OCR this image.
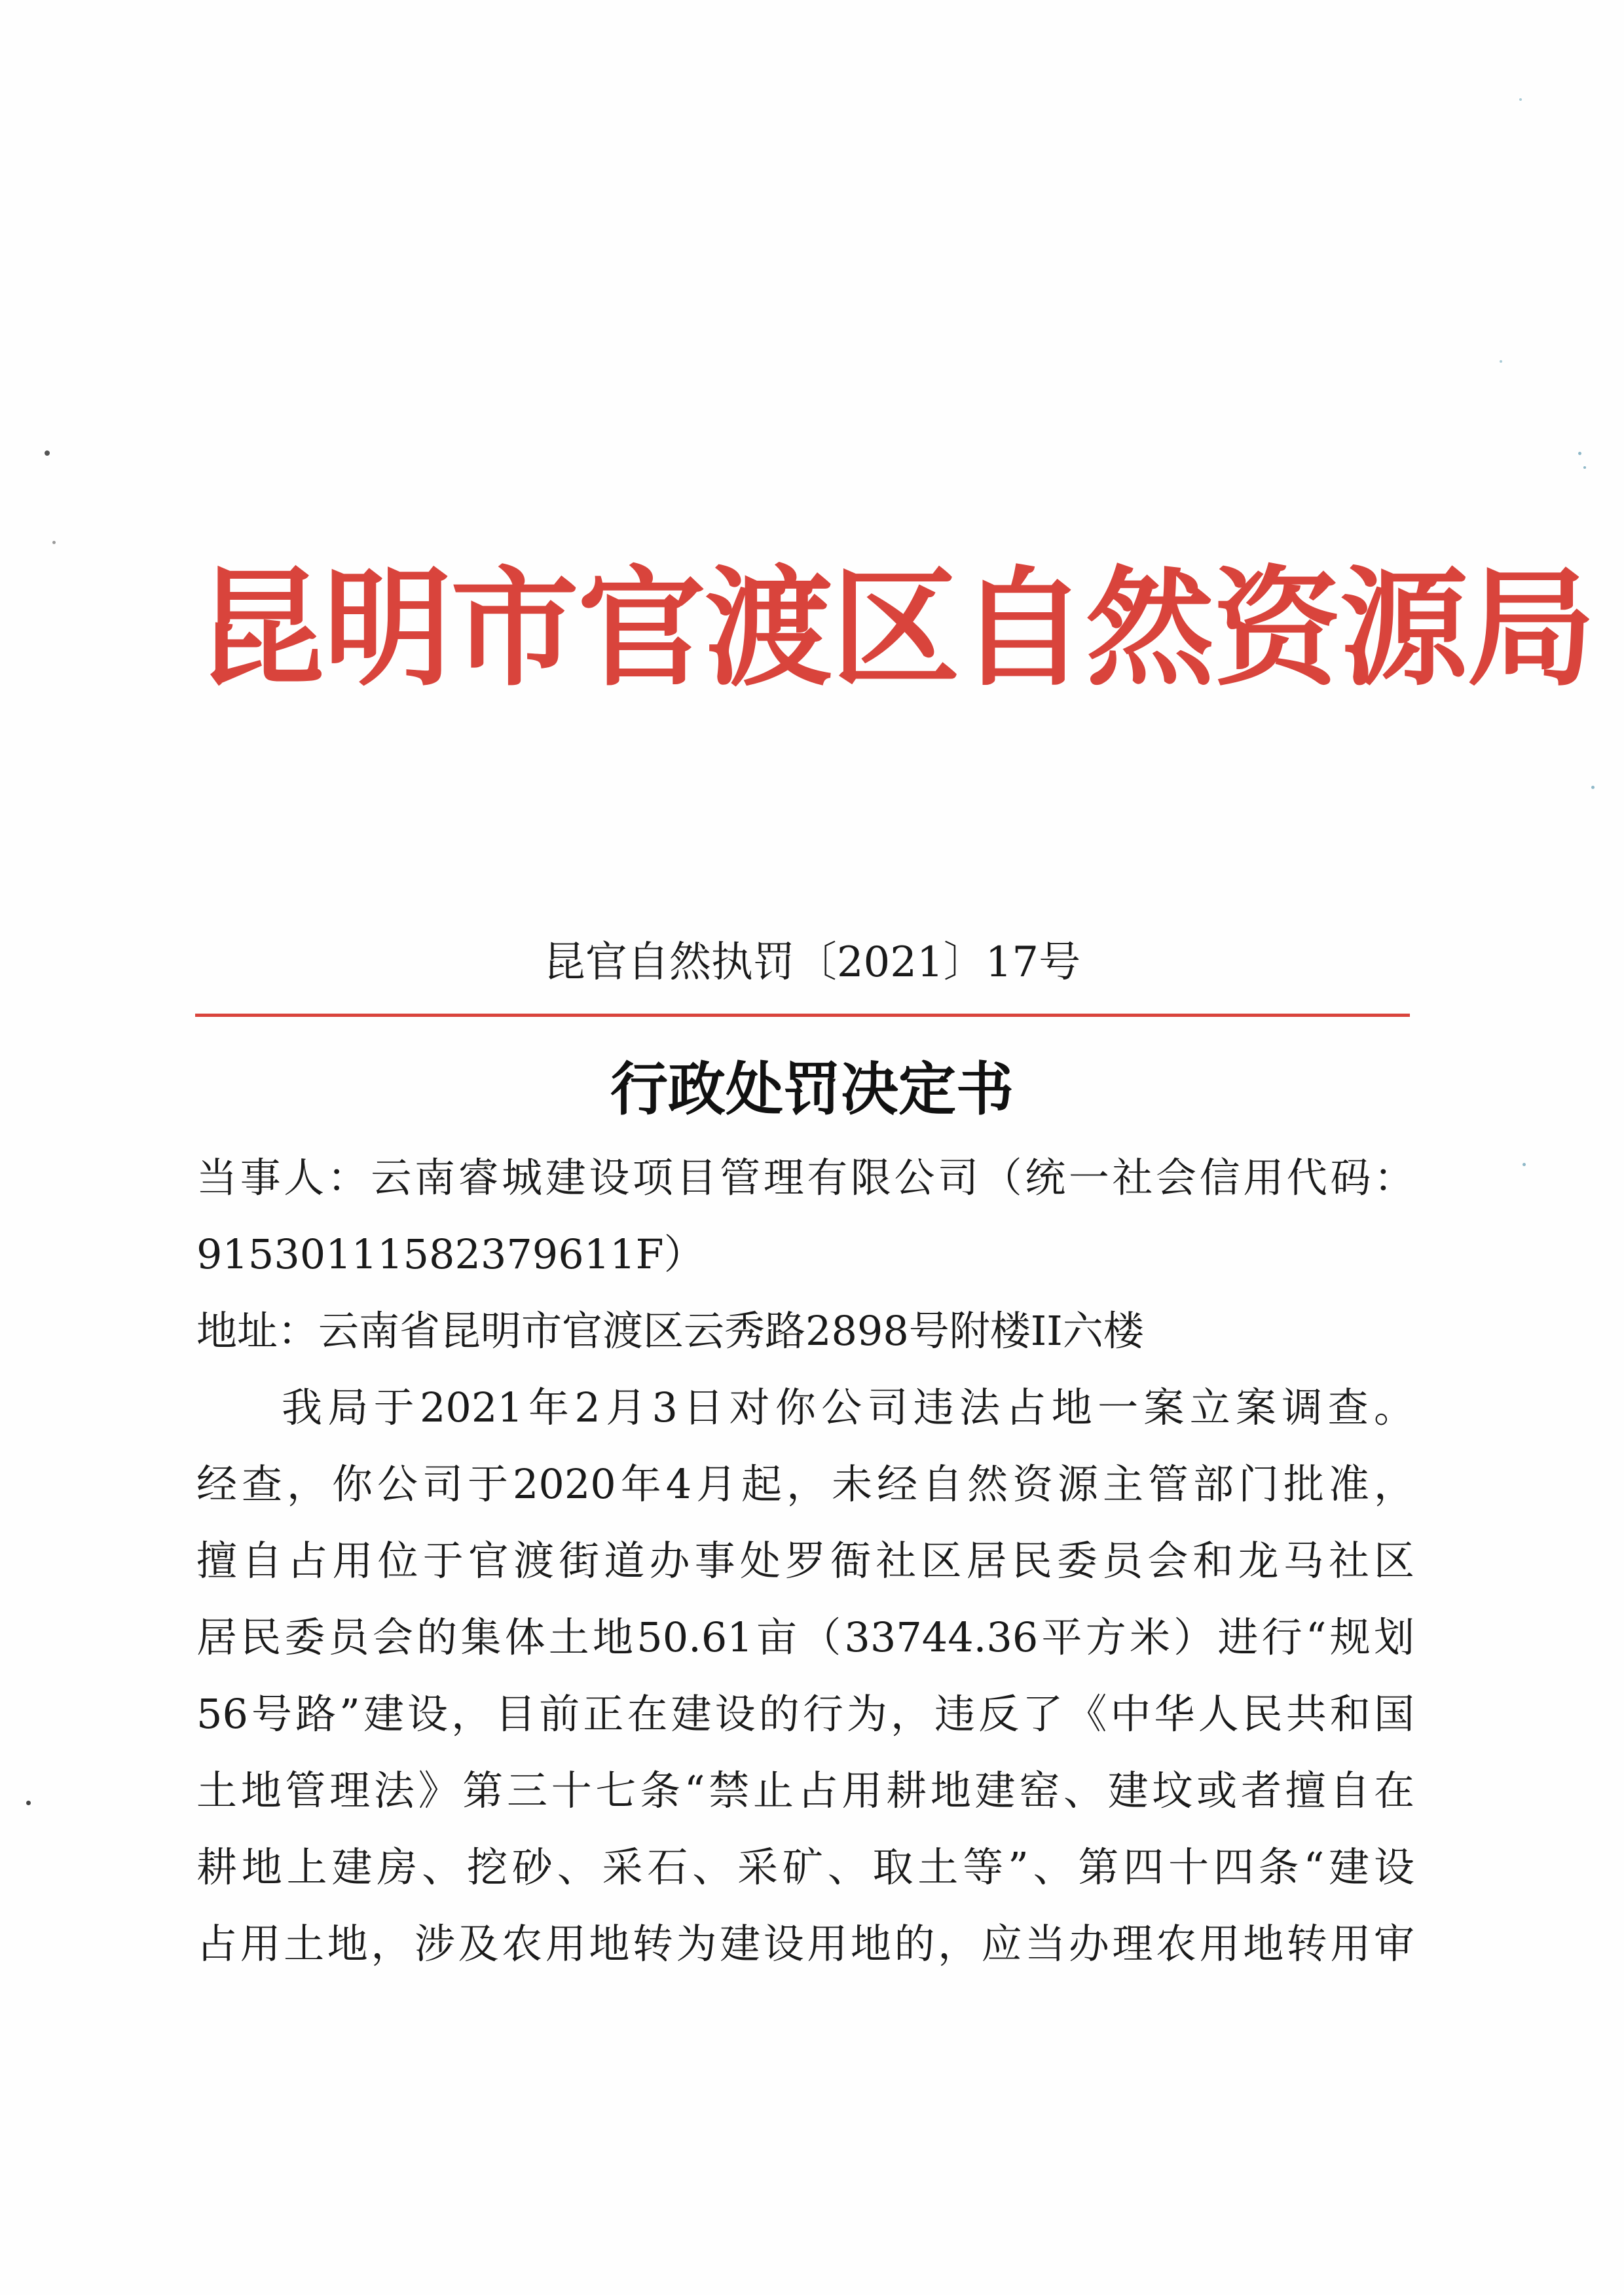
昆明市官渡区自然资源局
昆官自然执罚〔2021〕17号
行政处罚决定书
当事人：云南睿城建设项目管理有限公司（统一社会信用代码：
91530111582379611F）
地址：云南省昆明市官渡区云秀路2898号附楼II六楼
我局于2021年2月3日对你公司违法占地一案立案调查。
经查，你公司于2020年4月起，未经自然资源主管部门批准，
擅自占用位于官渡街道办事处罗衙社区居民委员会和龙马社区
居民委员会的集体土地50.61亩（33744.36平方米）进行“规划
56号路”建设，目前正在建设的行为，违反了《中华人民共和国
土地管理法》第三十七条“禁止占用耕地建窑、建坟或者擅自在
耕地上建房、挖砂、采石、采矿、取土等”、第四十四条“建设
占用土地，涉及农用地转为建设用地的，应当办理农用地转用审
